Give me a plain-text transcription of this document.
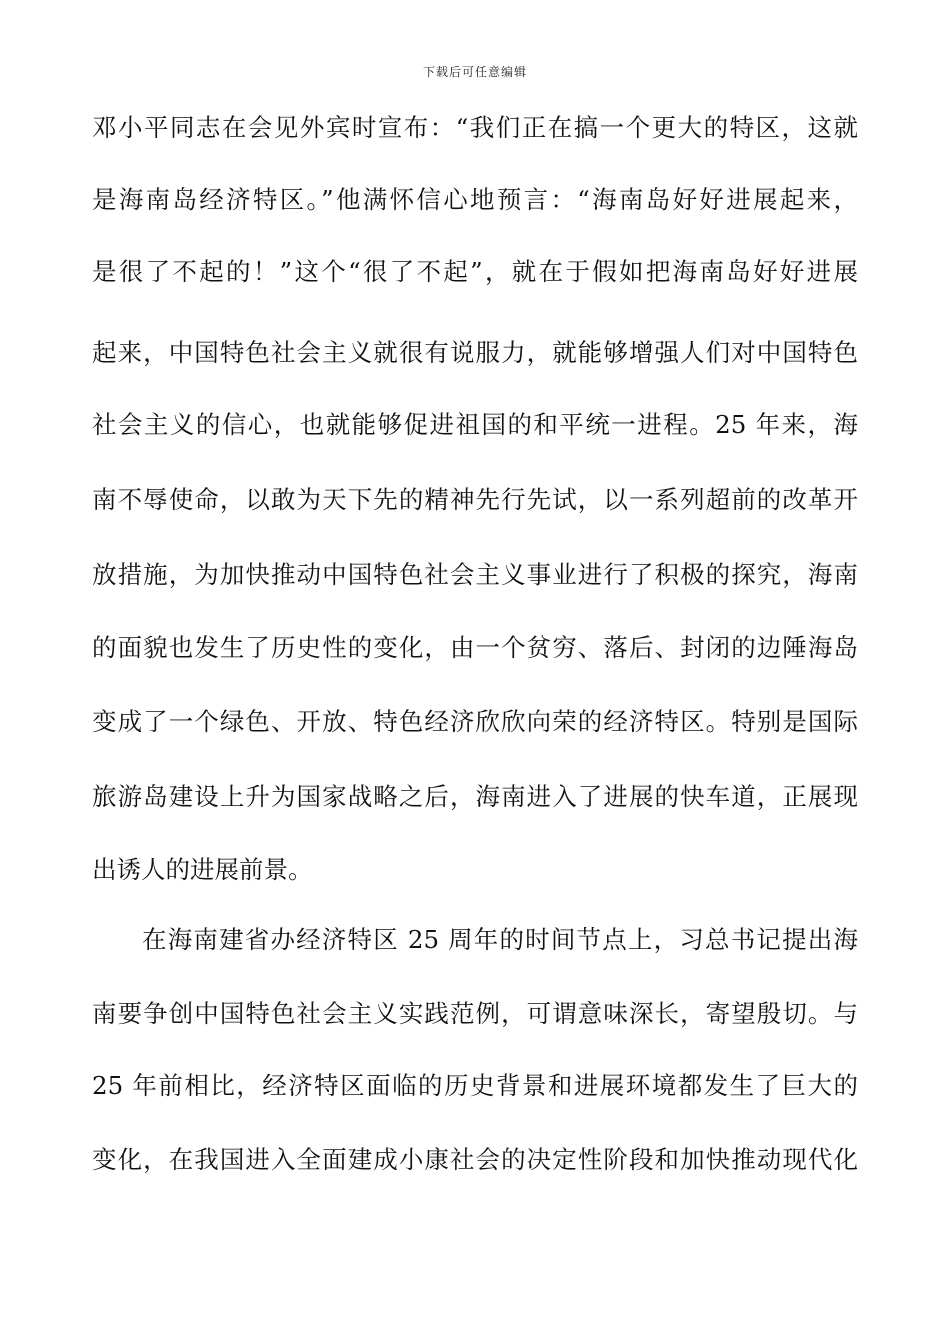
下载后可任意编辑
邓小平同志在会见外宾时宣布：“我们正在搞一个更大的特区，这就
是海南岛经济特区。”他满怀信心地预言：“海南岛好好进展起来，
是很了不起的！”这个“很了不起”，就在于假如把海南岛好好进展
起来，中国特色社会主义就很有说服力，就能够增强人们对中国特色
社会主义的信心，也就能够促进祖国的和平统一进程。25 年来，海
南不辱使命，以敢为天下先的精神先行先试，以一系列超前的改革开
放措施，为加快推动中国特色社会主义事业进行了积极的探究，海南
的面貌也发生了历史性的变化，由一个贫穷、落后、封闭的边陲海岛
变成了一个绿色、开放、特色经济欣欣向荣的经济特区。特别是国际
旅游岛建设上升为国家战略之后，海南进入了进展的快车道，正展现
出诱人的进展前景。
在海南建省办经济特区 25 周年的时间节点上，习总书记提出海
南要争创中国特色社会主义实践范例，可谓意味深长，寄望殷切。与
25 年前相比，经济特区面临的历史背景和进展环境都发生了巨大的
变化，在我国进入全面建成小康社会的决定性阶段和加快推动现代化
